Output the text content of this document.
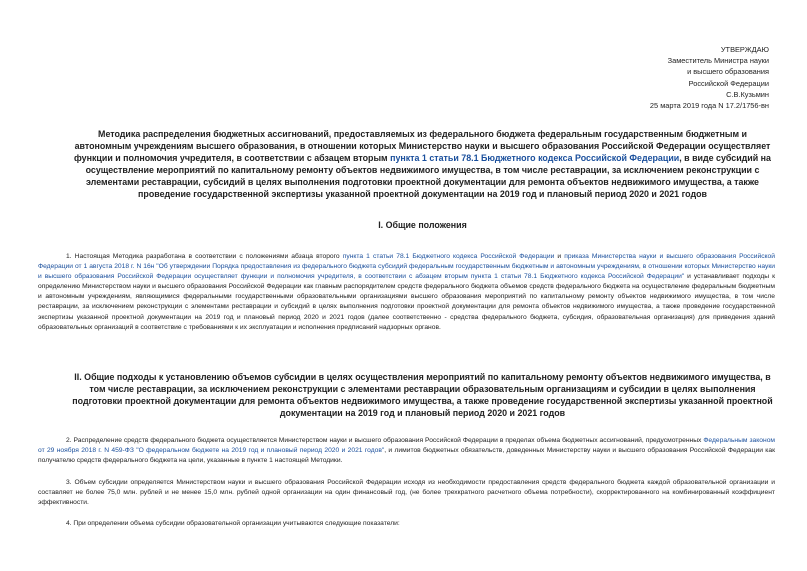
УТВЕРЖДАЮ
Заместитель Министра науки
и высшего образования
Российской Федерации
С.В.Кузьмин
25 марта 2019 года N 17.2/1756-вн
Методика распределения бюджетных ассигнований, предоставляемых из федерального бюджета федеральным государственным бюджетным и автономным учреждениям высшего образования, в отношении которых Министерство науки и высшего образования Российской Федерации осуществляет функции и полномочия учредителя, в соответствии с абзацем вторым пункта 1 статьи 78.1 Бюджетного кодекса Российской Федерации, в виде субсидий на осуществление мероприятий по капитальному ремонту объектов недвижимого имущества, в том числе реставрации, за исключением реконструкции с элементами реставрации, субсидий в целях выполнения подготовки проектной документации для ремонта объектов недвижимого имущества, а также проведение государственной экспертизы указанной проектной документации на 2019 год и плановый период 2020 и 2021 годов
I. Общие положения
1. Настоящая Методика разработана в соответствии с положениями абзаца второго пункта 1 статьи 78.1 Бюджетного кодекса Российской Федерации и приказа Министерства науки и высшего образования Российской Федерации от 1 августа 2018 г. N 16н "Об утверждении Порядка предоставления из федерального бюджета субсидий федеральным государственным бюджетным и автономным учреждениям, в отношении которых Министерство науки и высшего образования Российской Федерации осуществляет функции и полномочия учредителя, в соответствии с абзацем вторым пункта 1 статьи 78.1 Бюджетного кодекса Российской Федерации" и устанавливает подходы к определению Министерством науки и высшего образования Российской Федерации как главным распорядителем средств федерального бюджета объемов средств федерального бюджета на осуществление федеральным бюджетным и автономным учреждениям, являющимися федеральными государственными образовательными организациями высшего образования мероприятий по капитальному ремонту объектов недвижимого имущества, в том числе реставрации, за исключением реконструкции с элементами реставрации и субсидий в целях выполнения подготовки проектной документации для ремонта объектов недвижимого имущества, а также проведение государственной экспертизы указанной проектной документации на 2019 год и плановый период 2020 и 2021 годов (далее соответственно - средства федерального бюджета, субсидия, образовательная организация) для приведения зданий образовательных организаций в соответствие с требованиями к их эксплуатации и исполнения предписаний надзорных органов.
II. Общие подходы к установлению объемов субсидии в целях осуществления мероприятий по капитальному ремонту объектов недвижимого имущества, в том числе реставрации, за исключением реконструкции с элементами реставрации образовательным организациям и субсидии в целях выполнения подготовки проектной документации для ремонта объектов недвижимого имущества, а также проведение государственной экспертизы указанной проектной документации на 2019 год и плановый период 2020 и 2021 годов
2. Распределение средств федерального бюджета осуществляется Министерством науки и высшего образования Российской Федерации в пределах объема бюджетных ассигнований, предусмотренных Федеральным законом от 29 ноября 2018 г. N 459-ФЗ "О федеральном бюджете на 2019 год и плановый период 2020 и 2021 годов", и лимитов бюджетных обязательств, доведенных Министерству науки и высшего образования Российской Федерации как получателю средств федерального бюджета на цели, указанные в пункте 1 настоящей Методики.
3. Объем субсидии определяется Министерством науки и высшего образования Российской Федерации исходя из необходимости предоставления средств федерального бюджета каждой образовательной организации и составляет не более 75,0 млн. рублей и не менее 15,0 млн. рублей одной организации на один финансовый год, (не более трехкратного расчетного объема потребности), скорректированного на комбинированный коэффициент эффективности.
4. При определении объема субсидии образовательной организации учитываются следующие показатели:
